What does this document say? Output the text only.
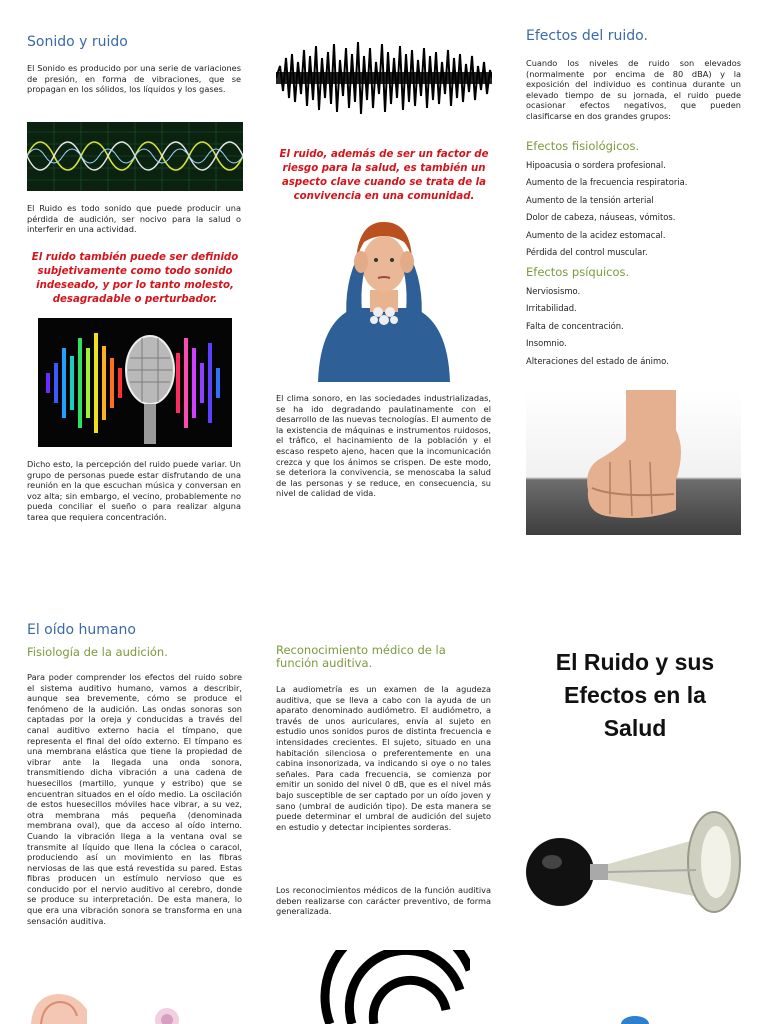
Sonido y ruido

El Sonido es producido por una serie de variaciones de presión, en forma de vibraciones, que se propagan en los sólidos, los líquidos y los gases.

El Ruido es todo sonido que puede producir una pérdida de audición, ser nocivo para la salud o interferir en una actividad.

El ruido también puede ser definido subjetivamente como todo sonido indeseado, y por lo tanto molesto, desagradable o perturbador.

Dicho esto, la percepción del ruido puede variar. Un grupo de personas puede estar disfrutando de una reunión en la que escuchan música y conversan en voz alta; sin embargo, el vecino, probablemente no pueda conciliar el sueño o para realizar alguna tarea que requiera concentración.

El ruido, además de ser un factor de riesgo para la salud, es también un aspecto clave cuando se trata de la convivencia en una comunidad.

El clima sonoro, en las sociedades industrializadas, se ha ido degradando paulatinamente con el desarrollo de las nuevas tecnologías. El aumento de la existencia de máquinas e instrumentos ruidosos, el tráfico, el hacinamiento de la población y el escaso respeto ajeno, hacen que la incomunicación crezca y que los ánimos se crispen. De este modo, se deteriora la convivencia, se menoscaba la salud de las personas y se reduce, en consecuencia, su nivel de calidad de vida.

Efectos del ruido.

Cuando los niveles de ruido son elevados (normalmente por encima de 80 dBA) y la exposición del individuo es continua durante un elevado tiempo de su jornada, el ruido puede ocasionar efectos negativos, que pueden clasificarse en dos grandes grupos:

Efectos fisiológicos.
Hipoacusia o sordera profesional.
Aumento de la frecuencia respiratoria.
Aumento de la tensión arterial
Dolor de cabeza, náuseas, vómitos.
Aumento de la acidez estomacal.
Pérdida del control muscular.
Efectos psíquicos.
Nerviosismo.
Irritabilidad.
Falta de concentración.
Insomnio.
Alteraciones del estado de ánimo.
El oído humano
Fisiología de la audición.

Para poder comprender los efectos del ruido sobre el sistema auditivo humano, vamos a describir, aunque sea brevemente, cómo se produce el fenómeno de la audición. Las ondas sonoras son captadas por la oreja y conducidas a través del canal auditivo externo hacia el tímpano, que representa el final del oído externo. El tímpano es una membrana elástica que tiene la propiedad de vibrar ante la llegada una onda sonora, transmitiendo dicha vibración a una cadena de huesecillos (martillo, yunque y estribo) que se encuentran situados en el oído medio. La oscilación de estos huesecillos móviles hace vibrar, a su vez, otra membrana más pequeña (denominada membrana oval), que da acceso al oído interno. Cuando la vibración llega a la ventana oval se transmite al líquido que llena la cóclea o caracol, produciendo así un movimiento en las fibras nerviosas de las que está revestida su pared. Estas fibras producen un estímulo nervioso que es conducido por el nervio auditivo al cerebro, donde se produce su interpretación. De esta manera, lo que era una vibración sonora se transforma en una sensación auditiva.

Reconocimiento médico de la función auditiva.

La audiometría es un examen de la agudeza auditiva, que se lleva a cabo con la ayuda de un aparato denominado audiómetro. El audiómetro, a través de unos auriculares, envía al sujeto en estudio unos sonidos puros de distinta frecuencia e intensidades crecientes. El sujeto, situado en una habitación silenciosa o preferentemente en una cabina insonorizada, va indicando si oye o no tales señales. Para cada frecuencia, se comienza por emitir un sonido del nivel 0 dB, que es el nivel más bajo susceptible de ser captado por un oído joven y sano (umbral de audición tipo). De esta manera se puede determinar el umbral de audición del sujeto en estudio y detectar incipientes sorderas.

Los reconocimientos médicos de la función auditiva deben realizarse con carácter preventivo, de forma generalizada.

El Ruido y sus Efectos en la Salud
